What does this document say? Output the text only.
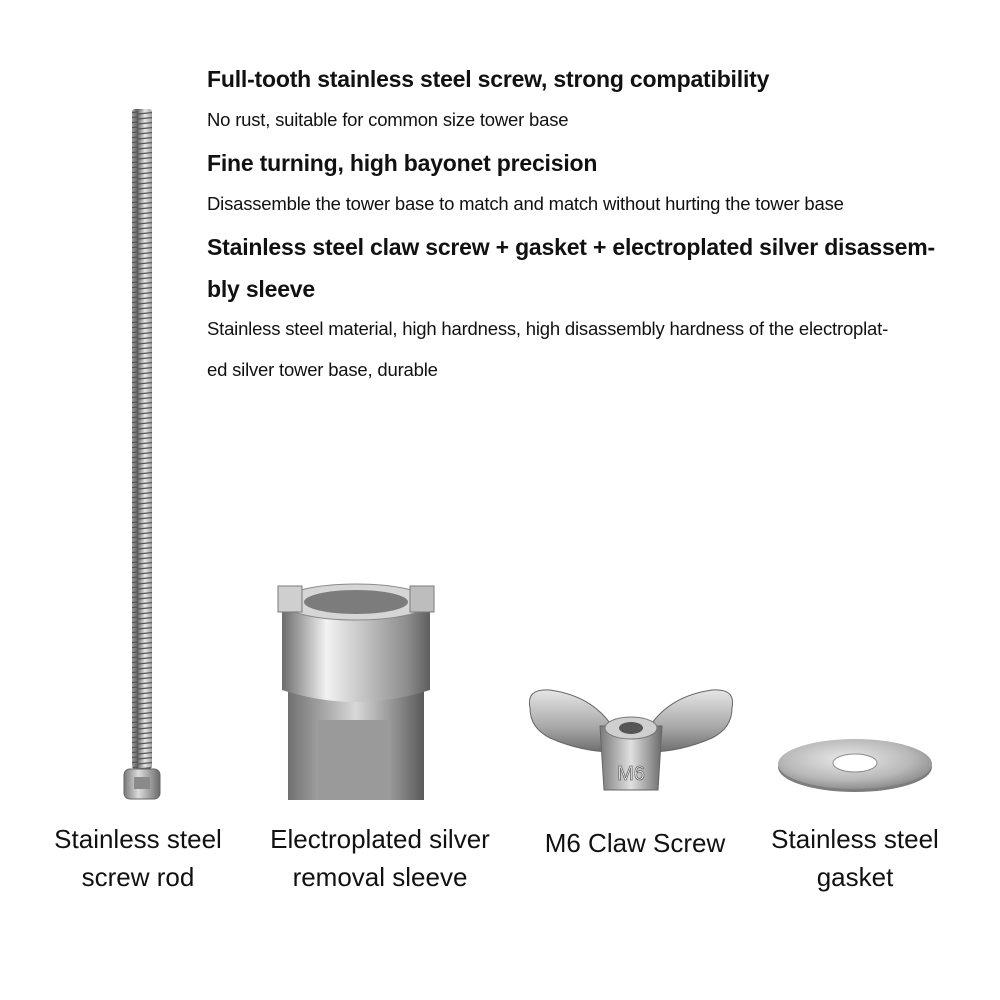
Full-tooth stainless steel screw, strong compatibility

No rust, suitable for common size tower base

Fine turning, high bayonet precision

Disassemble the tower base to match and match without hurting the tower base

Stainless steel claw screw + gasket + electroplated silver disassem-
bly sleeve

Stainless steel material, high hardness, high disassembly hardness of the electroplat-

ed silver tower base, durable

M6
Stainless steel
screw rod
Electroplated silver
removal sleeve
M6 Claw Screw	Stainless steel
gasket
